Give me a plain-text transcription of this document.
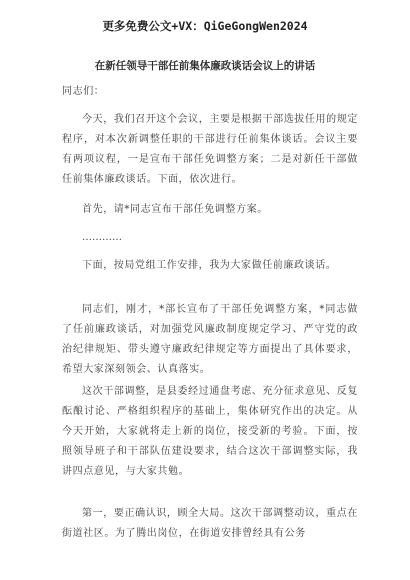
更多免费公文+VX：QiGeGongWen2024
在新任领导干部任前集体廉政谈话会议上的讲话

同志们：

今天，我们召开这个会议，主要是根据干部选拔任用的规定程序，对本次新调整任职的干部进行任前集体谈话。会议主要有两项议程，一是宣布干部任免调整方案；二是对新任干部做任前集体廉政谈话。下面，依次进行。

首先，请*同志宣布干部任免调整方案。

…………

下面，按局党组工作安排，我为大家做任前廉政谈话。

同志们，刚才，*部长宣布了干部任免调整方案，*同志做了任前廉政谈话，对加强党风廉政制度规定学习、严守党的政治纪律规矩、带头遵守廉政纪律规定等方面提出了具体要求，希望大家深刻领会、认真落实。

这次干部调整，是县委经过通盘考虑、充分征求意见、反复酝酿讨论、严格组织程序的基础上，集体研究作出的决定。从今天开始，大家就将走上新的岗位，接受新的考验。下面，按照领导班子和干部队伍建设要求，结合这次干部调整实际，我讲四点意见，与大家共勉。

第一，要正确认识，顾全大局。这次干部调整动议，重点在街道社区。为了腾出岗位，在街道安排曾经具有公务
